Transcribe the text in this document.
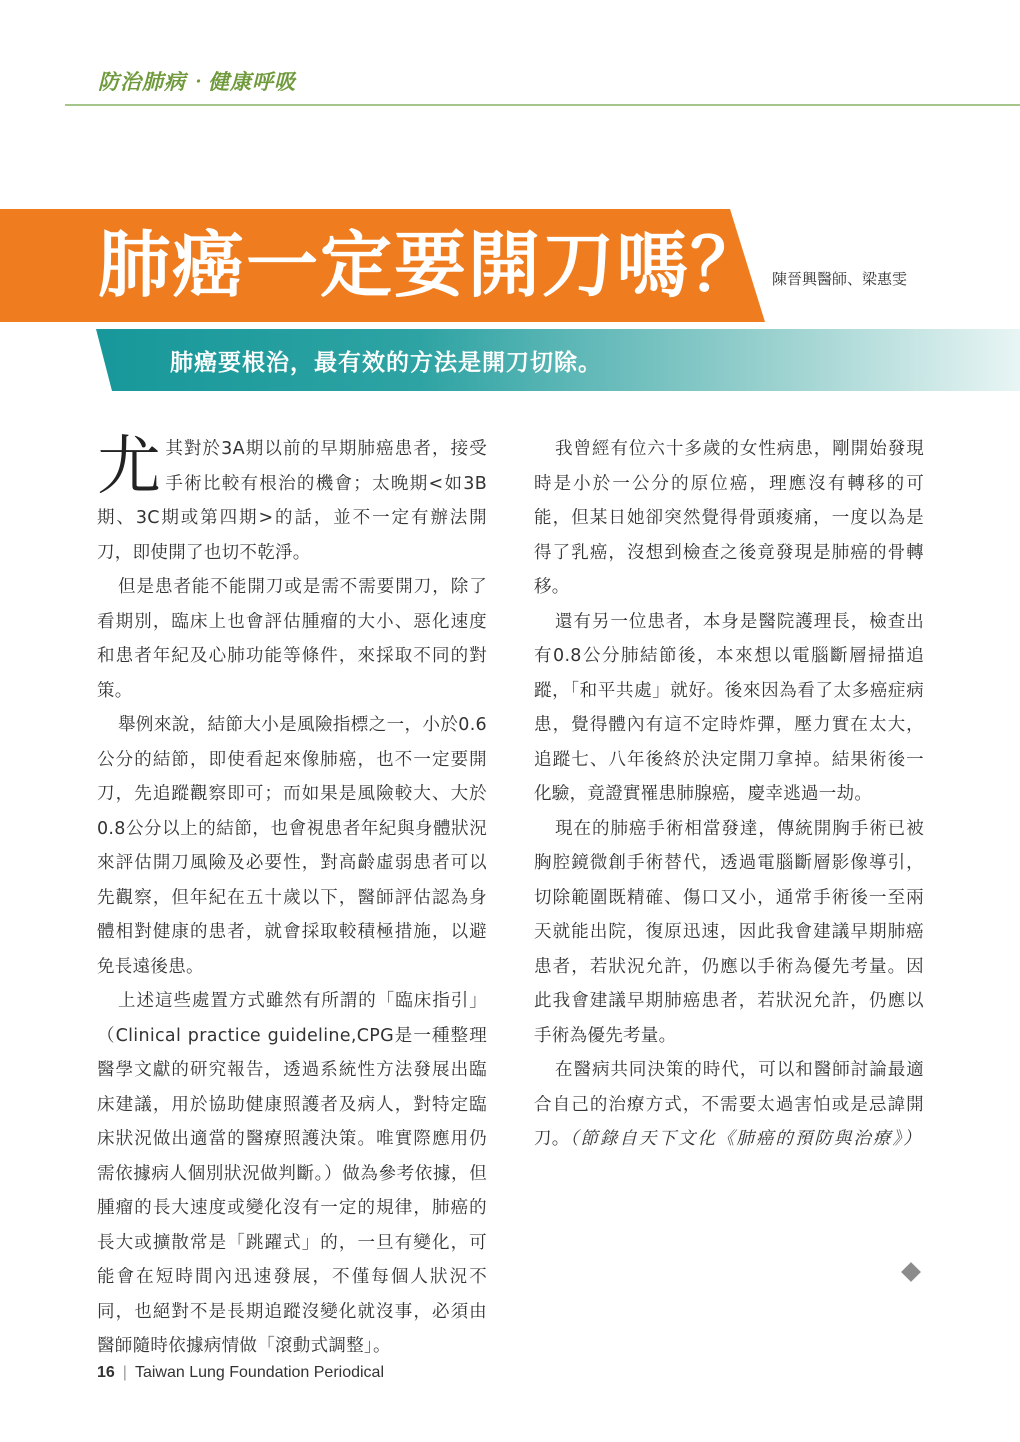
防治肺病‧健康呼吸
肺癌一定要開刀嗎？ 陳晉興醫師、梁惠雯
肺癌要根治，最有效的方法是開刀切除。

尤其對於3A期以前的早期肺癌患者，接受手術比較有根治的機會；太晚期<如3B期、3C期或第四期>的話，並不一定有辦法開刀，即使開了也切不乾淨。

但是患者能不能開刀或是需不需要開刀，除了看期別，臨床上也會評估腫瘤的大小、惡化速度和患者年紀及心肺功能等條件，來採取不同的對策。

舉例來說，結節大小是風險指標之一，小於0.6公分的結節，即使看起來像肺癌，也不一定要開刀，先追蹤觀察即可；而如果是風險較大、大於0.8公分以上的結節，也會視患者年紀與身體狀況來評估開刀風險及必要性，對高齡虛弱患者可以先觀察，但年紀在五十歲以下，醫師評估認為身體相對健康的患者，就會採取較積極措施，以避免長遠後患。

上述這些處置方式雖然有所謂的「臨床指引」（Clinical practice guideline,CPG是一種整理醫學文獻的研究報告，透過系統性方法發展出臨床建議，用於協助健康照護者及病人，對特定臨床狀況做出適當的醫療照護決策。唯實際應用仍需依據病人個別狀況做判斷。）做為參考依據，但腫瘤的長大速度或變化沒有一定的規律，肺癌的長大或擴散常是「跳躍式」的，一旦有變化，可能會在短時間內迅速發展，不僅每個人狀況不同，也絕對不是長期追蹤沒變化就沒事，必須由醫師隨時依據病情做「滾動式調整」。

我曾經有位六十多歲的女性病患，剛開始發現時是小於一公分的原位癌，理應沒有轉移的可能，但某日她卻突然覺得骨頭痠痛，一度以為是得了乳癌，沒想到檢查之後竟發現是肺癌的骨轉移。

還有另一位患者，本身是醫院護理長，檢查出有0.8公分肺結節後，本來想以電腦斷層掃描追蹤，「和平共處」就好。後來因為看了太多癌症病患，覺得體內有這不定時炸彈，壓力實在太大，追蹤七、八年後終於決定開刀拿掉。結果術後一化驗，竟證實罹患肺腺癌，慶幸逃過一劫。

現在的肺癌手術相當發達，傳統開胸手術已被胸腔鏡微創手術替代，透過電腦斷層影像導引，切除範圍既精確、傷口又小，通常手術後一至兩天就能出院，復原迅速，因此我會建議早期肺癌患者，若狀況允許，仍應以手術為優先考量。因此我會建議早期肺癌患者，若狀況允許，仍應以手術為優先考量。

在醫病共同決策的時代，可以和醫師討論最適合自己的治療方式，不需要太過害怕或是忌諱開刀。（節錄自天下文化《肺癌的預防與治療》）

16 | Taiwan Lung Foundation Periodical
